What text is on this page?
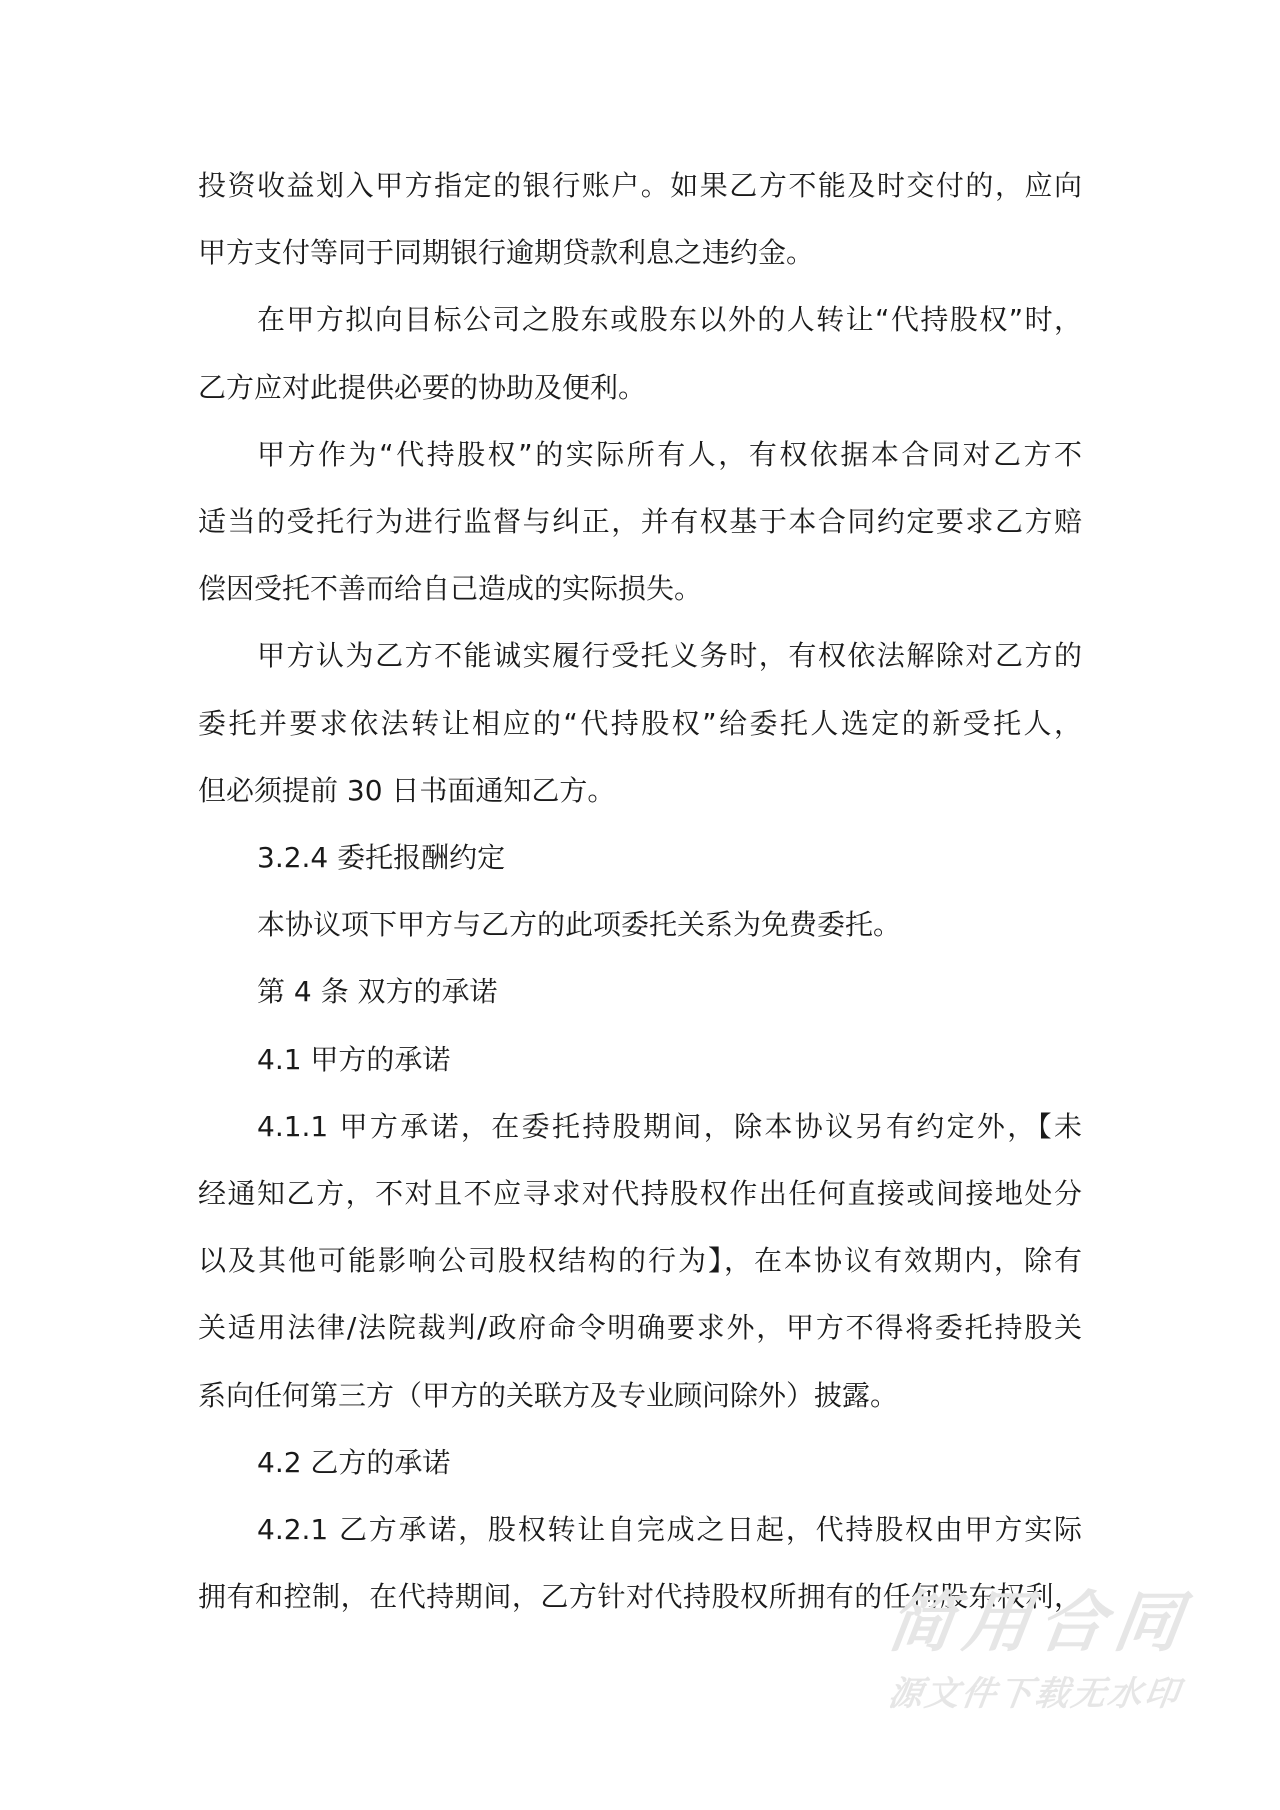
投资收益划入甲方指定的银行账户。如果乙方不能及时交付的，应向
甲方支付等同于同期银行逾期贷款利息之违约金。
在甲方拟向目标公司之股东或股东以外的人转让“代持股权”时，
乙方应对此提供必要的协助及便利。
甲方作为“代持股权”的实际所有人，有权依据本合同对乙方不
适当的受托行为进行监督与纠正，并有权基于本合同约定要求乙方赔
偿因受托不善而给自己造成的实际损失。
甲方认为乙方不能诚实履行受托义务时，有权依法解除对乙方的
委托并要求依法转让相应的“代持股权”给委托人选定的新受托人，
但必须提前 30 日书面通知乙方。
3.2.4 委托报酬约定
本协议项下甲方与乙方的此项委托关系为免费委托。
第 4 条 双方的承诺
4.1 甲方的承诺
4.1.1 甲方承诺，在委托持股期间，除本协议另有约定外，【未
经通知乙方，不对且不应寻求对代持股权作出任何直接或间接地处分
以及其他可能影响公司股权结构的行为】，在本协议有效期内，除有
关适用法律/法院裁判/政府命令明确要求外，甲方不得将委托持股关
系向任何第三方（甲方的关联方及专业顾问除外）披露。
4.2 乙方的承诺
4.2.1 乙方承诺，股权转让自完成之日起，代持股权由甲方实际
拥有和控制，在代持期间，乙方针对代持股权所拥有的任何股东权利，
简用合同
源文件下载无水印
